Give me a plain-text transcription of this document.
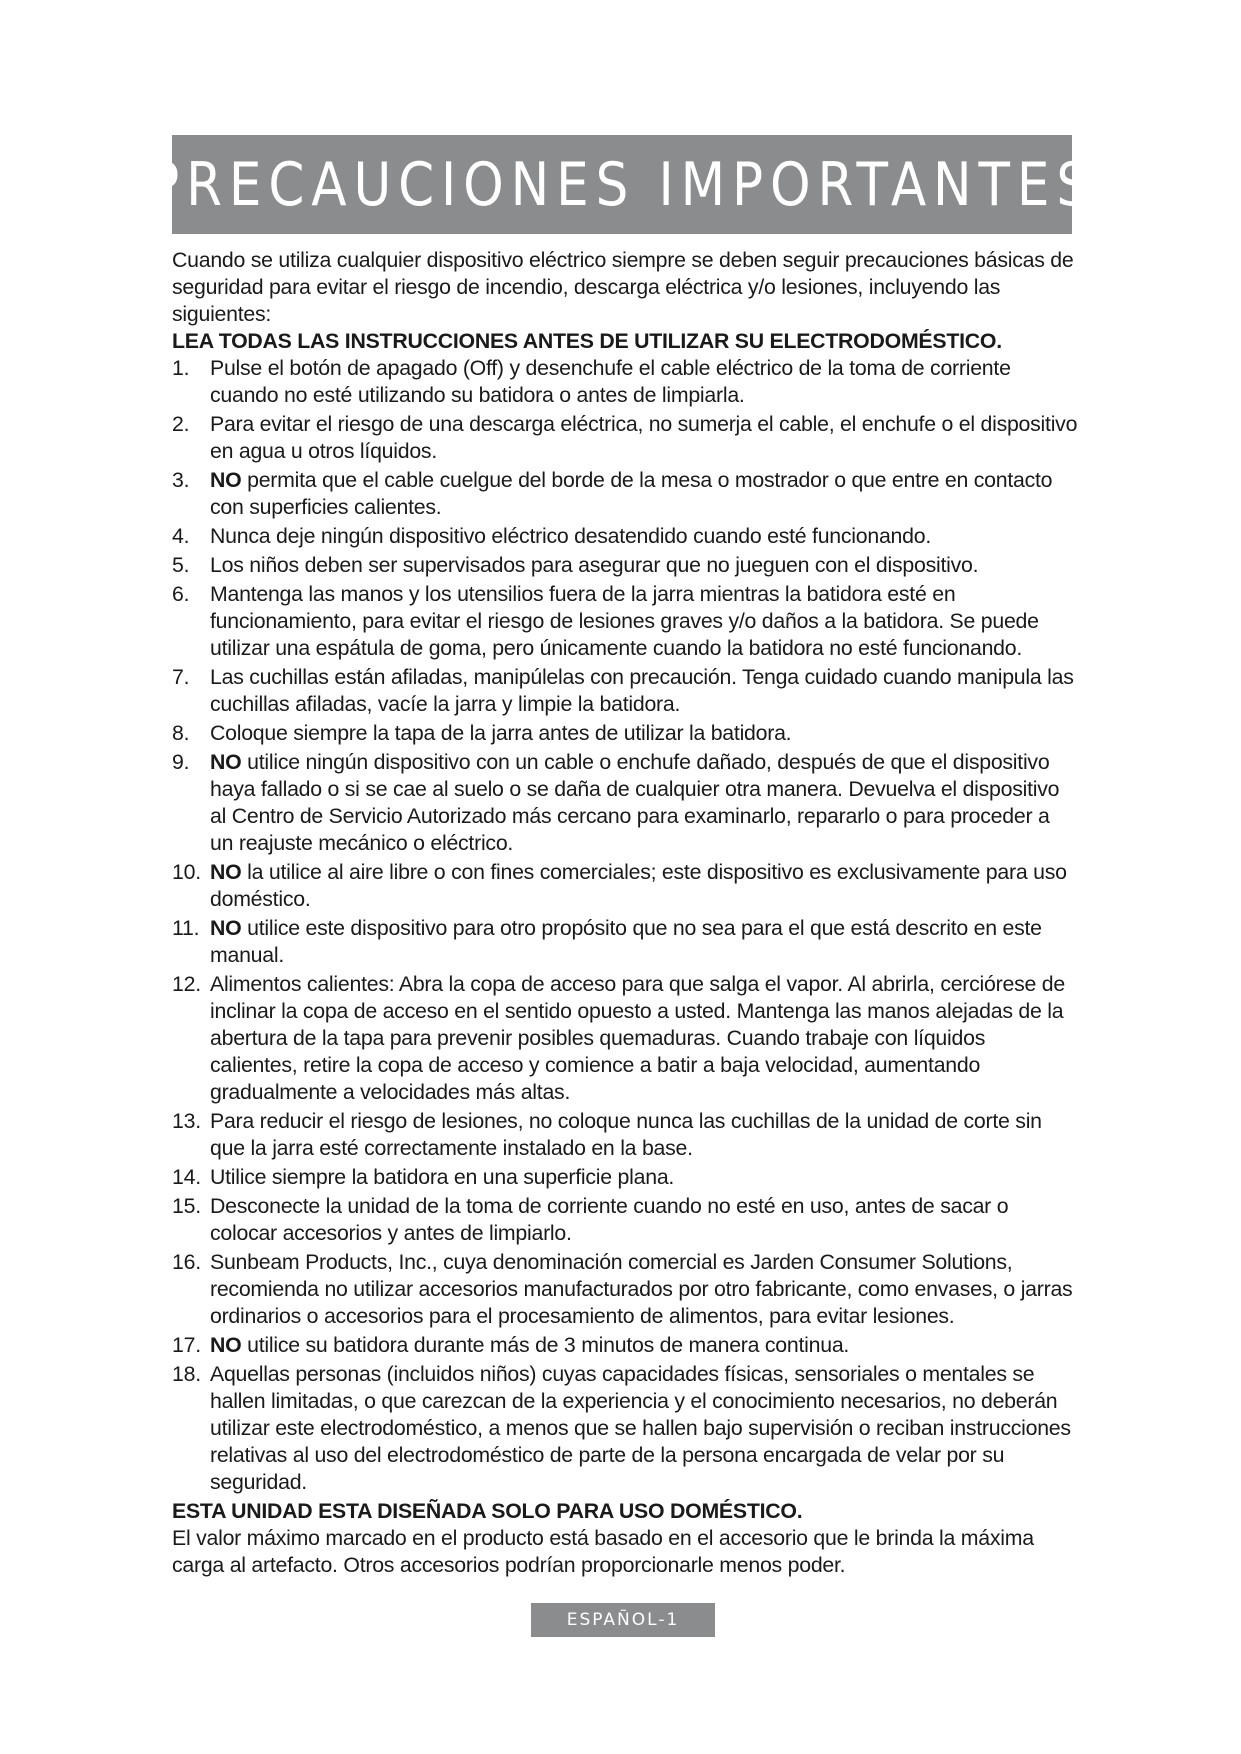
PRECAUCIONES IMPORTANTES

Cuando se utiliza cualquier dispositivo eléctrico siempre se deben seguir precauciones básicas de seguridad para evitar el riesgo de incendio, descarga eléctrica y/o lesiones, incluyendo las siguientes:

LEA TODAS LAS INSTRUCCIONES ANTES DE UTILIZAR SU ELECTRODOMÉSTICO.

1. Pulse el botón de apagado (Off) y desenchufe el cable eléctrico de la toma de corriente cuando no esté utilizando su batidora o antes de limpiarla.
2. Para evitar el riesgo de una descarga eléctrica, no sumerja el cable, el enchufe o el dispositivo en agua u otros líquidos.
3. NO permita que el cable cuelgue del borde de la mesa o mostrador o que entre en contacto con superficies calientes.
4. Nunca deje ningún dispositivo eléctrico desatendido cuando esté funcionando.
5. Los niños deben ser supervisados para asegurar que no jueguen con el dispositivo.
6. Mantenga las manos y los utensilios fuera de la jarra mientras la batidora esté en funcionamiento, para evitar el riesgo de lesiones graves y/o daños a la batidora. Se puede utilizar una espátula de goma, pero únicamente cuando la batidora no esté funcionando.
7. Las cuchillas están afiladas, manipúlelas con precaución. Tenga cuidado cuando manipula las cuchillas afiladas, vacíe la jarra y limpie la batidora.
8. Coloque siempre la tapa de la jarra antes de utilizar la batidora.
9. NO utilice ningún dispositivo con un cable o enchufe dañado, después de que el dispositivo haya fallado o si se cae al suelo o se daña de cualquier otra manera. Devuelva el dispositivo al Centro de Servicio Autorizado más cercano para examinarlo, repararlo o para proceder a un reajuste mecánico o eléctrico.
10. NO la utilice al aire libre o con fines comerciales; este dispositivo es exclusivamente para uso doméstico.
11. NO utilice este dispositivo para otro propósito que no sea para el que está descrito en este manual.
12. Alimentos calientes: Abra la copa de acceso para que salga el vapor. Al abrirla, cerciórese de inclinar la copa de acceso en el sentido opuesto a usted. Mantenga las manos alejadas de la abertura de la tapa para prevenir posibles quemaduras. Cuando trabaje con líquidos calientes, retire la copa de acceso y comience a batir a baja velocidad, aumentando gradualmente a velocidades más altas.
13. Para reducir el riesgo de lesiones, no coloque nunca las cuchillas de la unidad de corte sin que la jarra esté correctamente instalado en la base.
14. Utilice siempre la batidora en una superficie plana.
15. Desconecte la unidad de la toma de corriente cuando no esté en uso, antes de sacar o colocar accesorios y antes de limpiarlo.
16. Sunbeam Products, Inc., cuya denominación comercial es Jarden Consumer Solutions, recomienda no utilizar accesorios manufacturados por otro fabricante, como envases, o jarras ordinarios o accesorios para el procesamiento de alimentos, para evitar lesiones.
17. NO utilice su batidora durante más de 3 minutos de manera continua.
18. Aquellas personas (incluidos niños) cuyas capacidades físicas, sensoriales o mentales se hallen limitadas, o que carezcan de la experiencia y el conocimiento necesarios, no deberán utilizar este electrodoméstico, a menos que se hallen bajo supervisión o reciban instrucciones relativas al uso del electrodoméstico de parte de la persona encargada de velar por su seguridad.

ESTA UNIDAD ESTA DISEÑADA SOLO PARA USO DOMÉSTICO.

El valor máximo marcado en el producto está basado en el accesorio que le brinda la máxima carga al artefacto. Otros accesorios podrían proporcionarle menos poder.

ESPAÑOL-1
